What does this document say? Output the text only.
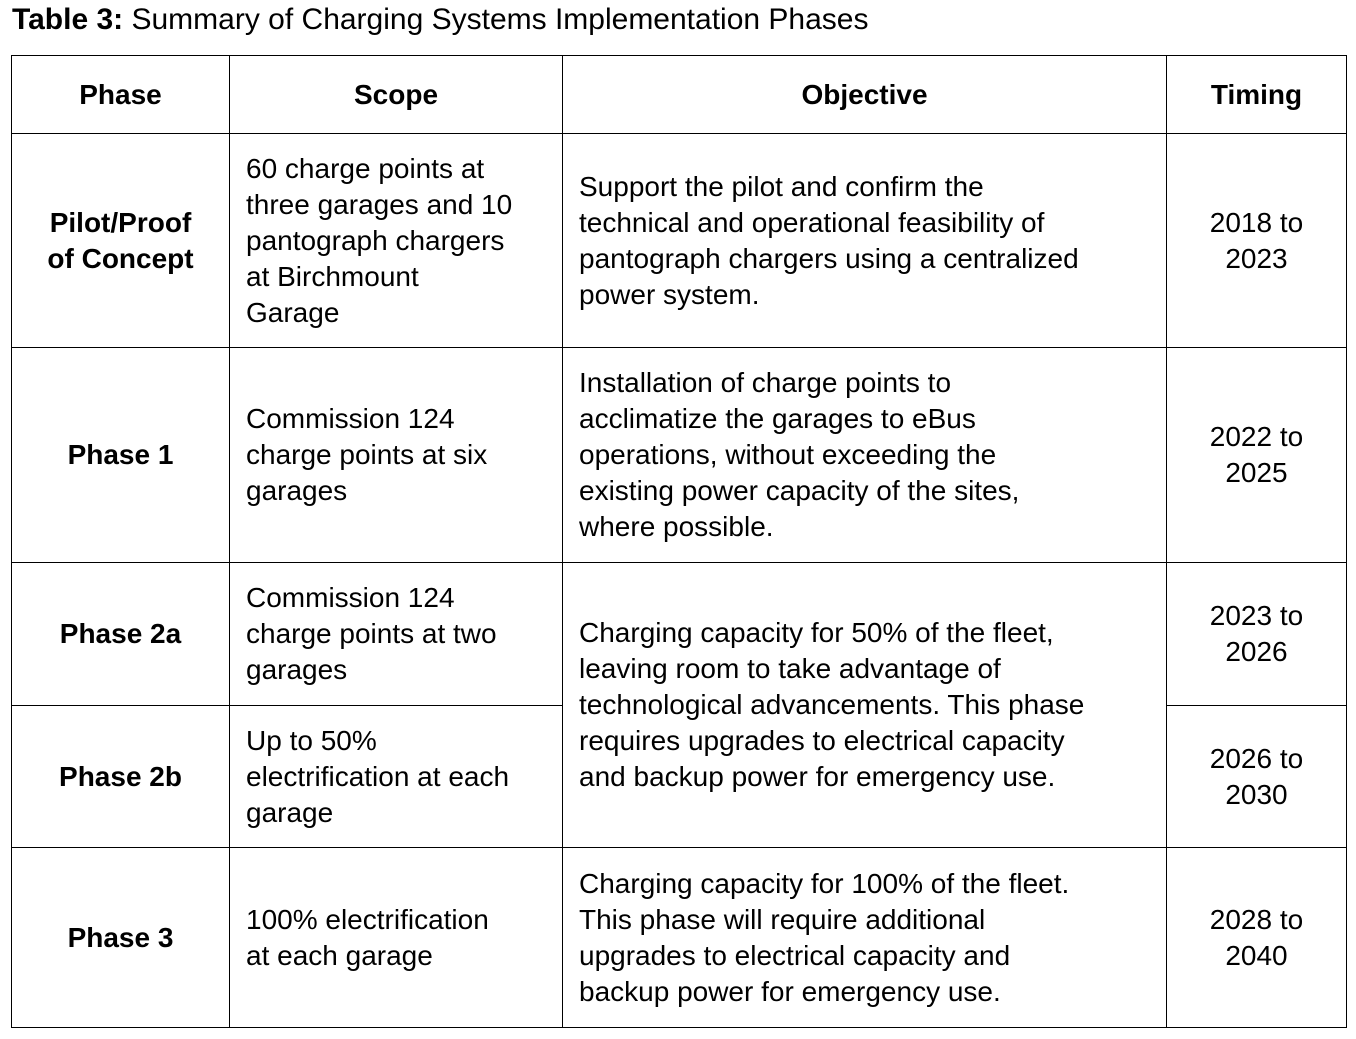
Table 3: Summary of Charging Systems Implementation Phases
Phase	Scope	Objective	Timing

Pilot/Proof
of Concept	60 charge points at
three garages and 10
pantograph chargers
at Birchmount
Garage	Support the pilot and confirm the
technical and operational feasibility of
pantograph chargers using a centralized
power system.	2018 to
2023

Phase 1	Commission 124
charge points at six
garages	Installation of charge points to
acclimatize the garages to eBus
operations, without exceeding the
existing power capacity of the sites,
where possible.	2022 to
2025

Phase 2a	Commission 124
charge points at two
garages	Charging capacity for 50% of the fleet,
leaving room to take advantage of
technological advancements. This phase
requires upgrades to electrical capacity
and backup power for emergency use.	2023 to
2026

Phase 2b	Up to 50%
electrification at each
garage		2026 to
2030

Phase 3	100% electrification
at each garage	Charging capacity for 100% of the fleet.
This phase will require additional
upgrades to electrical capacity and
backup power for emergency use.	2028 to
2040
